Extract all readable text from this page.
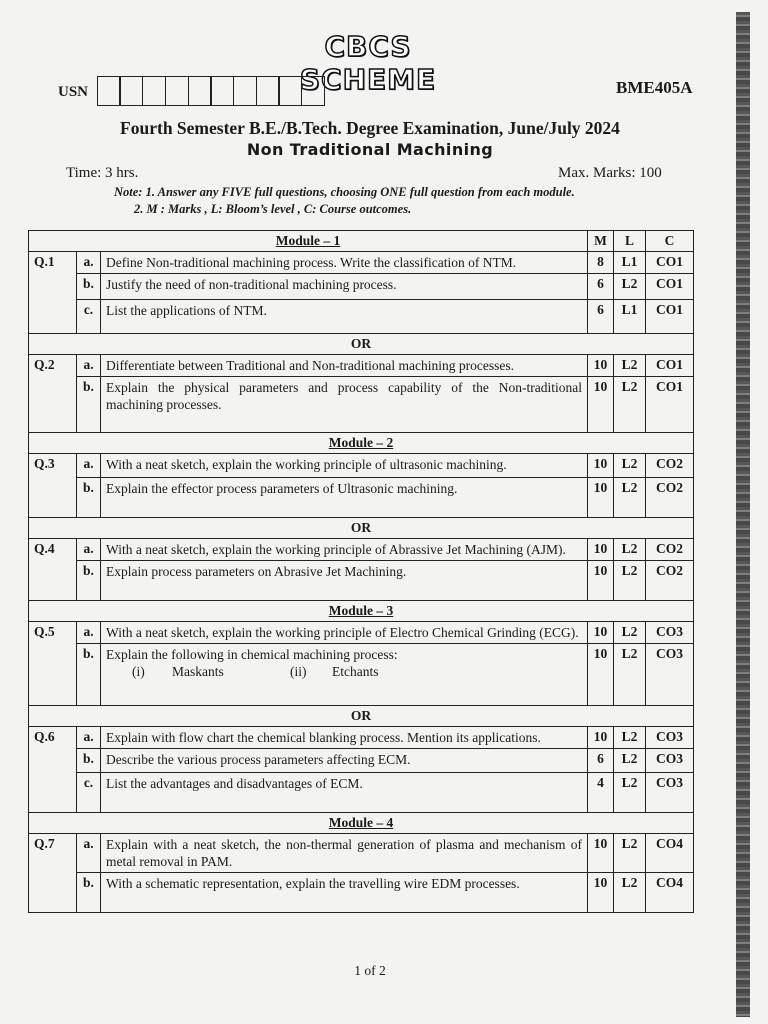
CBCS SCHEME
USN	BME405A
Fourth Semester B.E./B.Tech. Degree Examination, June/July 2024
Non Traditional Machining
Time: 3 hrs.	Max. Marks: 100
Note: 1. Answer any FIVE full questions, choosing ONE full question from each module.
2. M : Marks , L: Bloom’s level , C: Course outcomes.
Module – 1			M	L	C
Q.1	a.	Define Non-traditional machining process. Write the classification of NTM.	8	L1	CO1
	b.	Justify the need of non-traditional machining process.	6	L2	CO1
	c.	List the applications of NTM.	6	L1	CO1
OR					
Q.2	a.	Differentiate between Traditional and Non-traditional machining processes.	10	L2	CO1
	b.	Explain the physical parameters and process capability of the Non-traditional machining processes.	10	L2	CO1
Module – 2					
Q.3	a.	With a neat sketch, explain the working principle of ultrasonic machining.	10	L2	CO2
	b.	Explain the effector process parameters of Ultrasonic machining.	10	L2	CO2
OR					
Q.4	a.	With a neat sketch, explain the working principle of Abrassive Jet Machining (AJM).	10	L2	CO2
	b.	Explain process parameters on Abrasive Jet Machining.	10	L2	CO2
Module – 3					
Q.5	a.	With a neat sketch, explain the working principle of Electro Chemical Grinding (ECG).	10	L2	CO3
	b.	Explain the following in chemical machining process:
(i) Maskants (ii) Etchants	10	L2	CO3
OR					
Q.6	a.	Explain with flow chart the chemical blanking process. Mention its applications.	10	L2	CO3
	b.	Describe the various process parameters affecting ECM.	6	L2	CO3
	c.	List the advantages and disadvantages of ECM.	4	L2	CO3
Module – 4					
Q.7	a.	Explain with a neat sketch, the non-thermal generation of plasma and mechanism of metal removal in PAM.	10	L2	CO4
	b.	With a schematic representation, explain the travelling wire EDM processes.	10	L2	CO4
1 of 2
